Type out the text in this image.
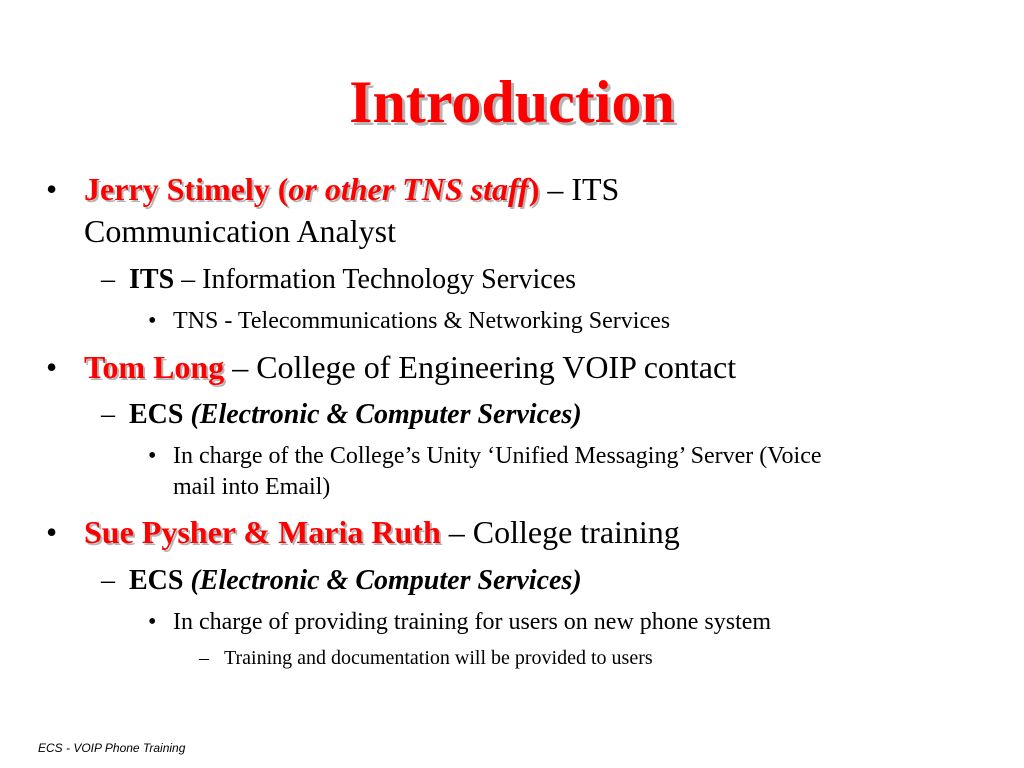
Introduction
• Jerry Stimely (or other TNS staff) – ITS
Communication Analyst
– ITS – Information Technology Services
• TNS - Telecommunications & Networking Services
• Tom Long – College of Engineering VOIP contact
– ECS (Electronic & Computer Services)
• In charge of the College’s Unity ‘Unified Messaging’ Server (Voice
mail into Email)
• Sue Pysher & Maria Ruth – College training
– ECS (Electronic & Computer Services)
• In charge of providing training for users on new phone system
– Training and documentation will be provided to users
ECS - VOIP Phone Training
